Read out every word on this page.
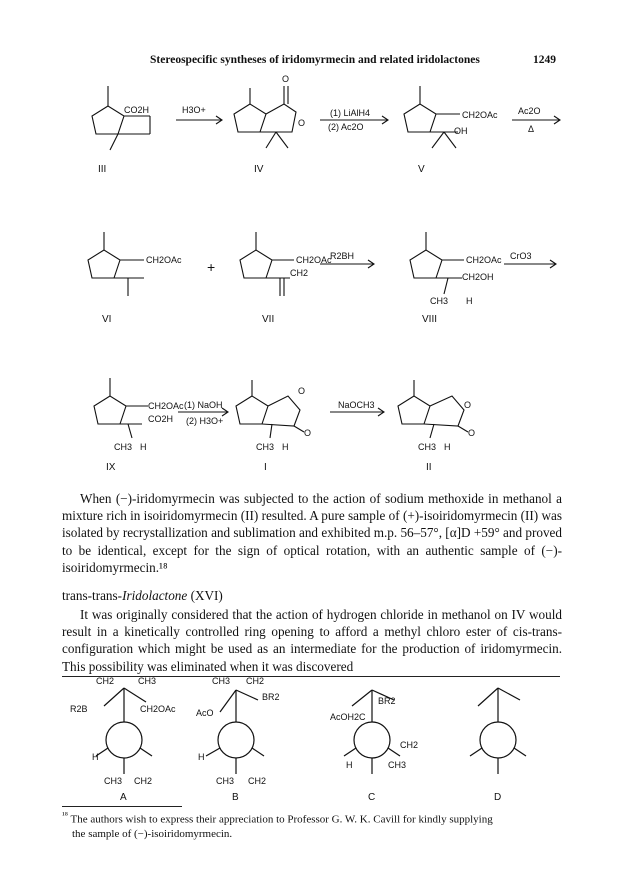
Stereospecific syntheses of iridomyrmecin and related iridolactones	1249
CO2H
O
O
CH2OAc
OH
H3O+	(1) LiAlH4
(2) Ac2O
Ac2O
Δ
CH2OAc	CH2OAc
CH2
CH2OAc
CH2OH
CH3 H
+
R2BH	CrO3
CH2OAc
CO2H
CH3 H
O
O
CH3 H
O
O
CH3 H
(1) NaOH
(2) H3O+
NaOCH3
CH2	CH3
R2B	CH2OAc
H
CH3 CH2
CH3 CH2
BR2
AcO
H
CH3 CH2
BR2
AcOH2C
H	CH3
CH2
III	IV	V
VI	VII	VIII
IX	I	II
A	B	C	D

When (−)-iridomyrmecin was subjected to the action of sodium methoxide in methanol a mixture rich in isoiridomyrmecin (II) resulted. A pure sample of (+)-isoiridomyrmecin (II) was isolated by recrystallization and sublimation and exhibited m.p. 56–57°, [α]D +59° and proved to be identical, except for the sign of optical rotation, with an authentic sample of (−)-isoiridomyrmecin.¹⁸

trans-trans-Iridolactone (XVI)

It was originally considered that the action of hydrogen chloride in methanol on IV would result in a kinetically controlled ring opening to afford a methyl chloro ester of cis-trans-configuration which might be used as an intermediate for the production of iridomyrmecin. This possibility was eliminated when it was discovered

$^{^{18}}$ The authors wish to express their appreciation to Professor G. W. K. Cavill for kindly supplying
the sample of (−)-isoiridomyrmecin.
